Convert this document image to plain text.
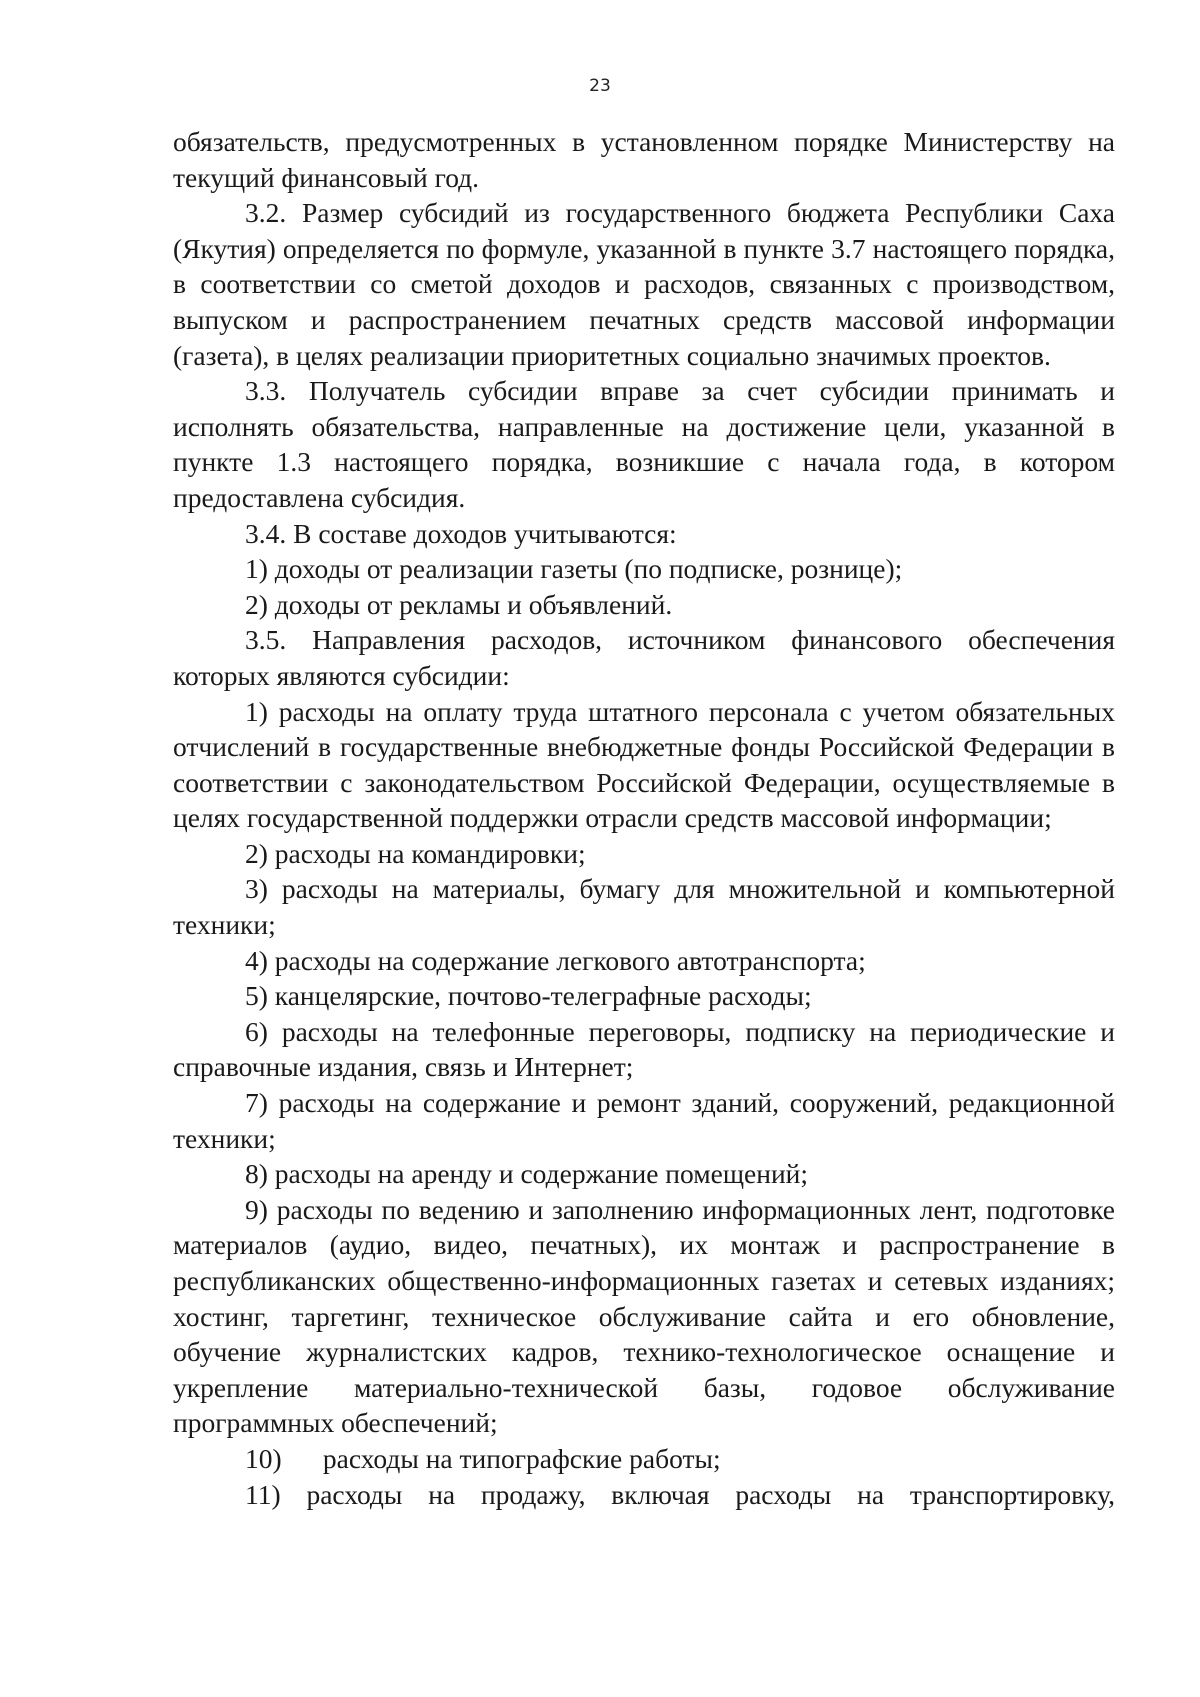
23

обязательств, предусмотренных в установленном порядке Министерству на текущий финансовый год.

3.2. Размер субсидий из государственного бюджета Республики Саха (Якутия) определяется по формуле, указанной в пункте 3.7 настоящего порядка, в соответствии со сметой доходов и расходов, связанных с производством, выпуском и распространением печатных средств массовой информации (газета), в целях реализации приоритетных социально значимых проектов.

3.3. Получатель субсидии вправе за счет субсидии принимать и исполнять обязательства, направленные на достижение цели, указанной в пункте 1.3 настоящего порядка, возникшие с начала года, в котором предоставлена субсидия.

3.4. В составе доходов учитываются:

1) доходы от реализации газеты (по подписке, рознице);

2) доходы от рекламы и объявлений.

3.5. Направления расходов, источником финансового обеспечения которых являются субсидии:

1) расходы на оплату труда штатного персонала с учетом обязательных отчислений в государственные внебюджетные фонды Российской Федерации в соответствии с законодательством Российской Федерации, осуществляемые в целях государственной поддержки отрасли средств массовой информации;

2) расходы на командировки;

3) расходы на материалы, бумагу для множительной и компьютерной техники;

4) расходы на содержание легкового автотранспорта;

5) канцелярские, почтово-телеграфные расходы;

6) расходы на телефонные переговоры, подписку на периодические и справочные издания, связь и Интернет;

7) расходы на содержание и ремонт зданий, сооружений, редакционной техники;

8) расходы на аренду и содержание помещений;

9) расходы по ведению и заполнению информационных лент, подготовке материалов (аудио, видео, печатных), их монтаж и распространение в республиканских общественно-информационных газетах и сетевых изданиях; хостинг, таргетинг, техническое обслуживание сайта и его обновление, обучение журналистских кадров, технико-технологическое оснащение и укрепление материально-технической базы, годовое обслуживание программных обеспечений;

10)      расходы на типографские работы;

11) расходы на продажу, включая расходы на транспортировку,
